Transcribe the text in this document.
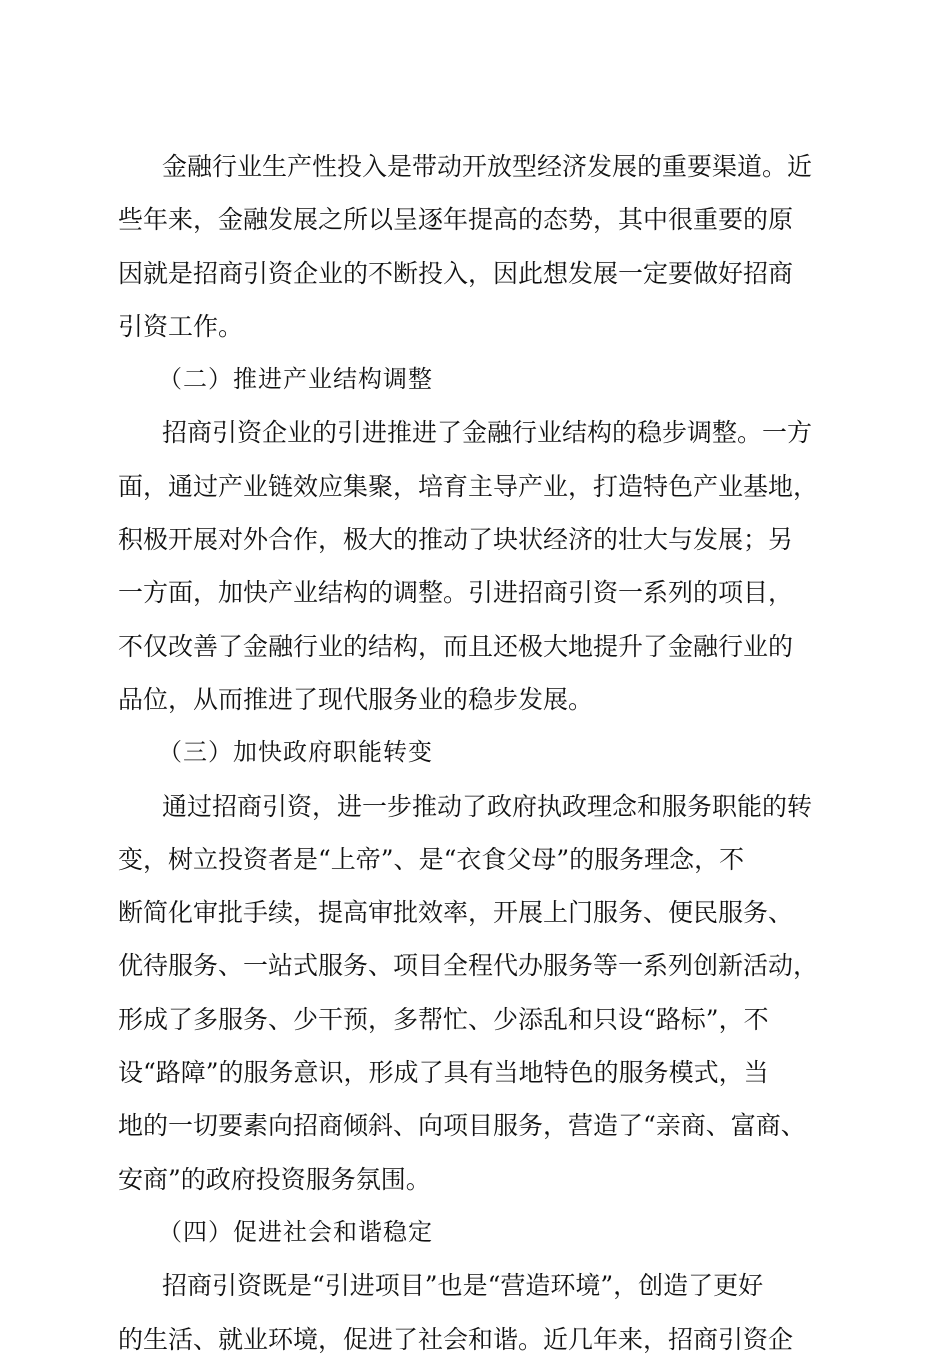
金融行业生产性投入是带动开放型经济发展的重要渠道。近
些年来，金融发展之所以呈逐年提高的态势，其中很重要的原
因就是招商引资企业的不断投入，因此想发展一定要做好招商
引资工作。
（二）推进产业结构调整
招商引资企业的引进推进了金融行业结构的稳步调整。一方
面，通过产业链效应集聚，培育主导产业，打造特色产业基地，
积极开展对外合作，极大的推动了块状经济的壮大与发展；另
一方面，加快产业结构的调整。引进招商引资一系列的项目，
不仅改善了金融行业的结构，而且还极大地提升了金融行业的
品位，从而推进了现代服务业的稳步发展。
（三）加快政府职能转变
通过招商引资，进一步推动了政府执政理念和服务职能的转
变，树立投资者是“上帝”、是“衣食父母”的服务理念，不
断简化审批手续，提高审批效率，开展上门服务、便民服务、
优待服务、一站式服务、项目全程代办服务等一系列创新活动，
形成了多服务、少干预，多帮忙、少添乱和只设“路标”，不
设“路障”的服务意识，形成了具有当地特色的服务模式，当
地的一切要素向招商倾斜、向项目服务，营造了“亲商、富商、
安商”的政府投资服务氛围。
（四）促进社会和谐稳定
招商引资既是“引进项目”也是“营造环境”，创造了更好
的生活、就业环境，促进了社会和谐。近几年来，招商引资企
